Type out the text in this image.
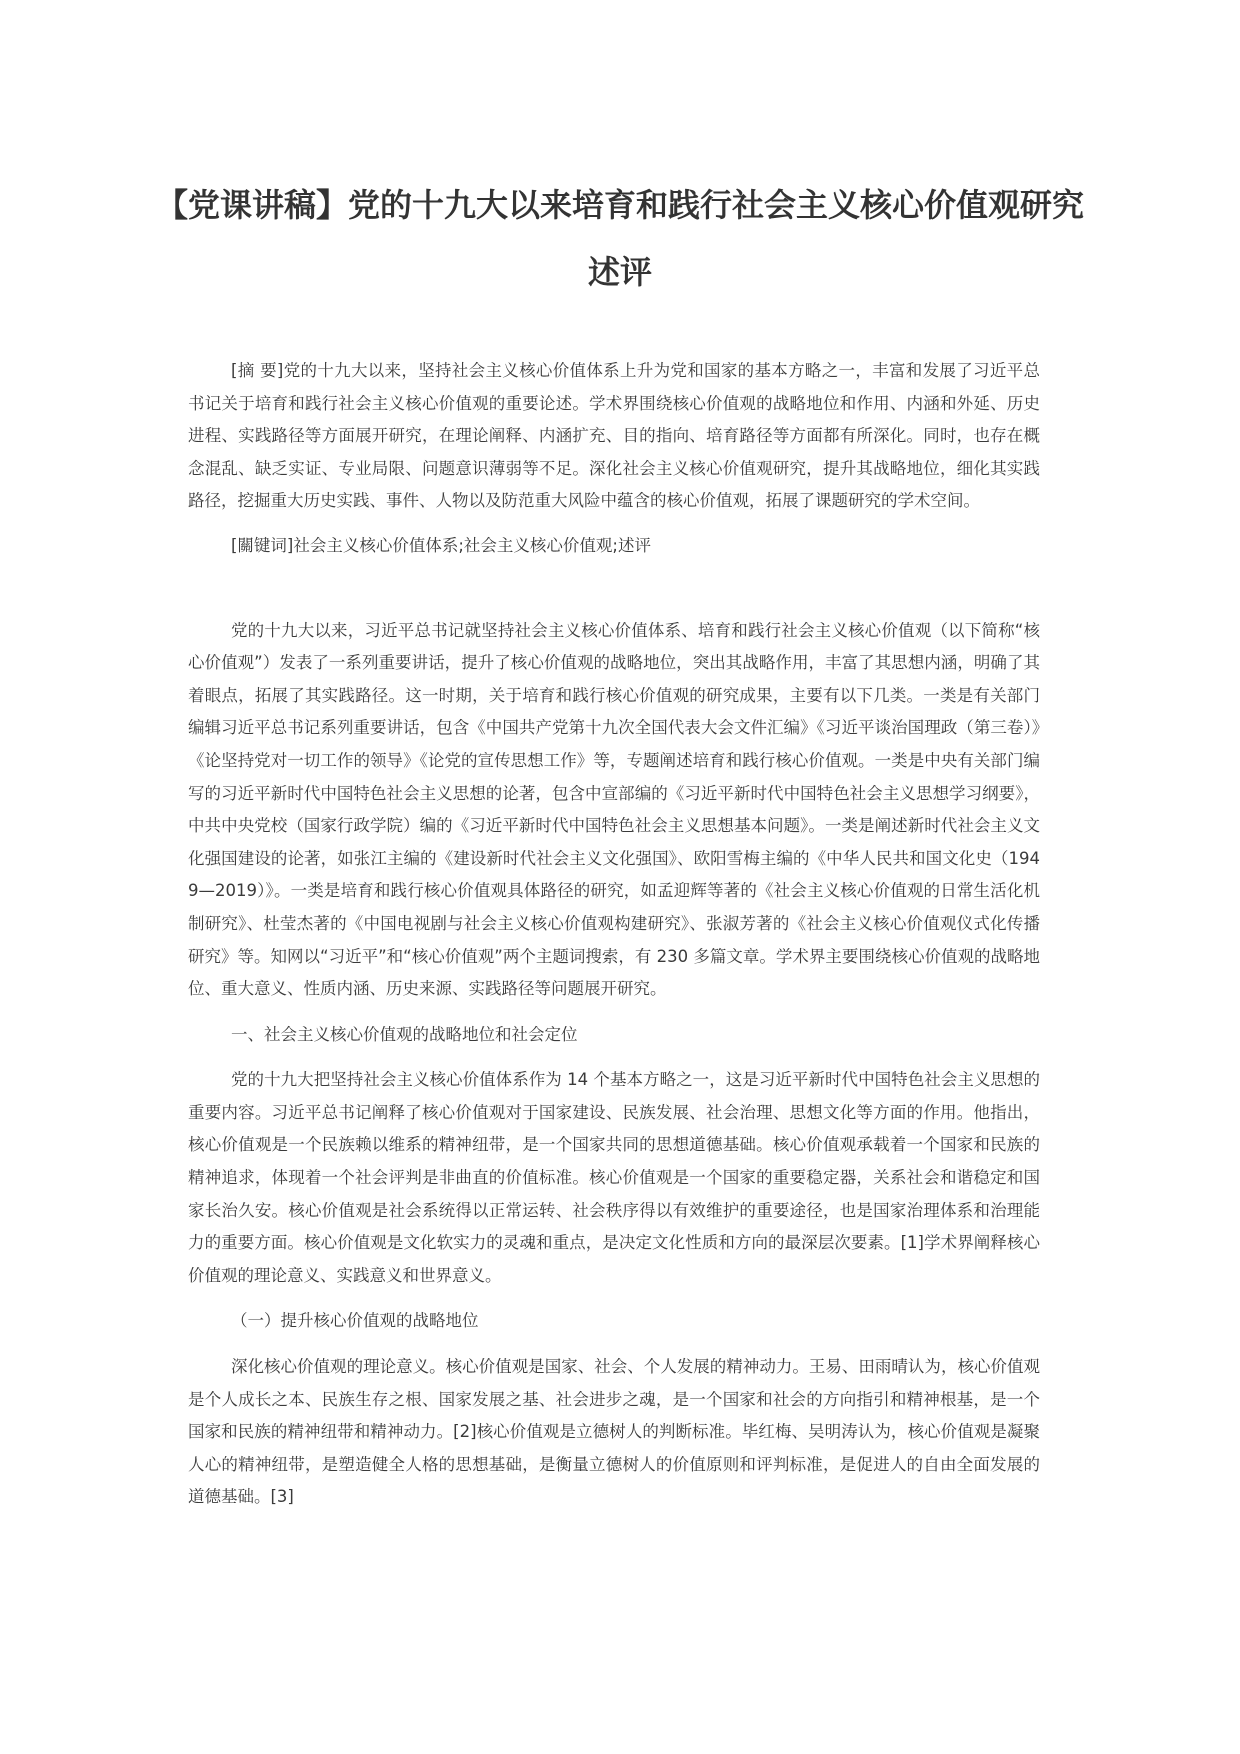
【党课讲稿】党的十九大以来培育和践行社会主义核心价值观研究述评

[摘 要]党的十九大以来，坚持社会主义核心价值体系上升为党和国家的基本方略之一，丰富和发展了习近平总书记关于培育和践行社会主义核心价值观的重要论述。学术界围绕核心价值观的战略地位和作用、内涵和外延、历史进程、实践路径等方面展开研究，在理论阐释、内涵扩充、目的指向、培育路径等方面都有所深化。同时，也存在概念混乱、缺乏实证、专业局限、问题意识薄弱等不足。深化社会主义核心价值观研究，提升其战略地位，细化其实践路径，挖掘重大历史实践、事件、人物以及防范重大风险中蕴含的核心价值观，拓展了课题研究的学术空间。

[關键词]社会主义核心价值体系;社会主义核心价值观;述评

党的十九大以来，习近平总书记就坚持社会主义核心价值体系、培育和践行社会主义核心价值观（以下简称“核心价值观”）发表了一系列重要讲话，提升了核心价值观的战略地位，突出其战略作用，丰富了其思想内涵，明确了其着眼点，拓展了其实践路径。这一时期，关于培育和践行核心价值观的研究成果，主要有以下几类。一类是有关部门编辑习近平总书记系列重要讲话，包含《中国共产党第十九次全国代表大会文件汇编》《习近平谈治国理政（第三卷）》《论坚持党对一切工作的领导》《论党的宣传思想工作》等，专题阐述培育和践行核心价值观。一类是中央有关部门编写的习近平新时代中国特色社会主义思想的论著，包含中宣部编的《习近平新时代中国特色社会主义思想学习纲要》，中共中央党校（国家行政学院）编的《习近平新时代中国特色社会主义思想基本问题》。一类是阐述新时代社会主义文化强国建设的论著，如张江主编的《建设新时代社会主义文化强国》、欧阳雪梅主编的《中华人民共和国文化史（1949—2019）》。一类是培育和践行核心价值观具体路径的研究，如孟迎辉等著的《社会主义核心价值观的日常生活化机制研究》、杜莹杰著的《中国电视剧与社会主义核心价值观构建研究》、张淑芳著的《社会主义核心价值观仪式化传播研究》等。知网以“习近平”和“核心价值观”两个主题词搜索，有 230 多篇文章。学术界主要围绕核心价值观的战略地位、重大意义、性质内涵、历史来源、实践路径等问题展开研究。

一、社会主义核心价值观的战略地位和社会定位

党的十九大把坚持社会主义核心价值体系作为 14 个基本方略之一，这是习近平新时代中国特色社会主义思想的重要内容。习近平总书记阐释了核心价值观对于国家建设、民族发展、社会治理、思想文化等方面的作用。他指出，核心价值观是一个民族赖以维系的精神纽带，是一个国家共同的思想道德基础。核心价值观承载着一个国家和民族的精神追求，体现着一个社会评判是非曲直的价值标准。核心价值观是一个国家的重要稳定器，关系社会和谐稳定和国家长治久安。核心价值观是社会系统得以正常运转、社会秩序得以有效维护的重要途径，也是国家治理体系和治理能力的重要方面。核心价值观是文化软实力的灵魂和重点，是决定文化性质和方向的最深层次要素。[1]学术界阐释核心价值观的理论意义、实践意义和世界意义。

（一）提升核心价值观的战略地位

深化核心价值观的理论意义。核心价值观是国家、社会、个人发展的精神动力。王易、田雨晴认为，核心价值观是个人成长之本、民族生存之根、国家发展之基、社会进步之魂，是一个国家和社会的方向指引和精神根基，是一个国家和民族的精神纽带和精神动力。[2]核心价值观是立德树人的判断标准。毕红梅、吴明涛认为，核心价值观是凝聚人心的精神纽带，是塑造健全人格的思想基础，是衡量立德树人的价值原则和评判标准，是促进人的自由全面发展的道德基础。[3]
